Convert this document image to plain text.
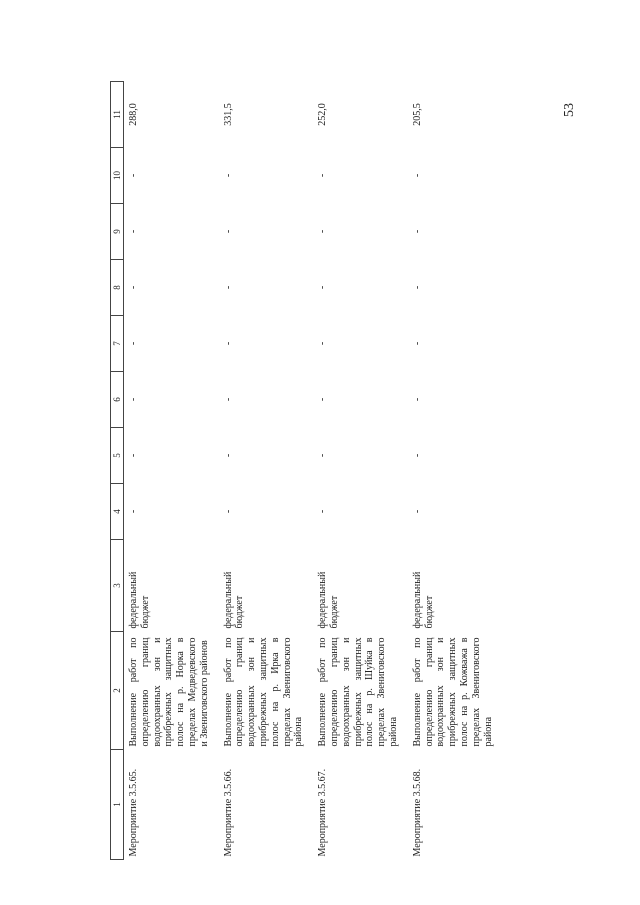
53
1	2	3	4	5	6	7	8	9	10	11
Мероприятие 3.5.65.	Выполнение работ по определению границ водоохранных зон и прибрежных защитных полос на р. Норка в пределах Медведевского и Звениговского районов	федеральный бюджет	-	-	-	-	-	-	-	288,0
Мероприятие 3.5.66.	Выполнение работ по определению границ водоохранных зон и прибрежных защитных полос на р. Ирка в пределах Звениговского района	федеральный бюджет	-	-	-	-	-	-	-	331,5
Мероприятие 3.5.67.	Выполнение работ по определению границ водоохранных зон и прибрежных защитных полос на р. Шуйка в пределах Звениговского района	федеральный бюджет	-	-	-	-	-	-	-	252,0
Мероприятие 3.5.68.	Выполнение работ по определению границ водоохранных зон и прибрежных защитных полос на р. Кожважа в пределах Звениговского района	федеральный бюджет	-	-	-	-	-	-	-	205,5
